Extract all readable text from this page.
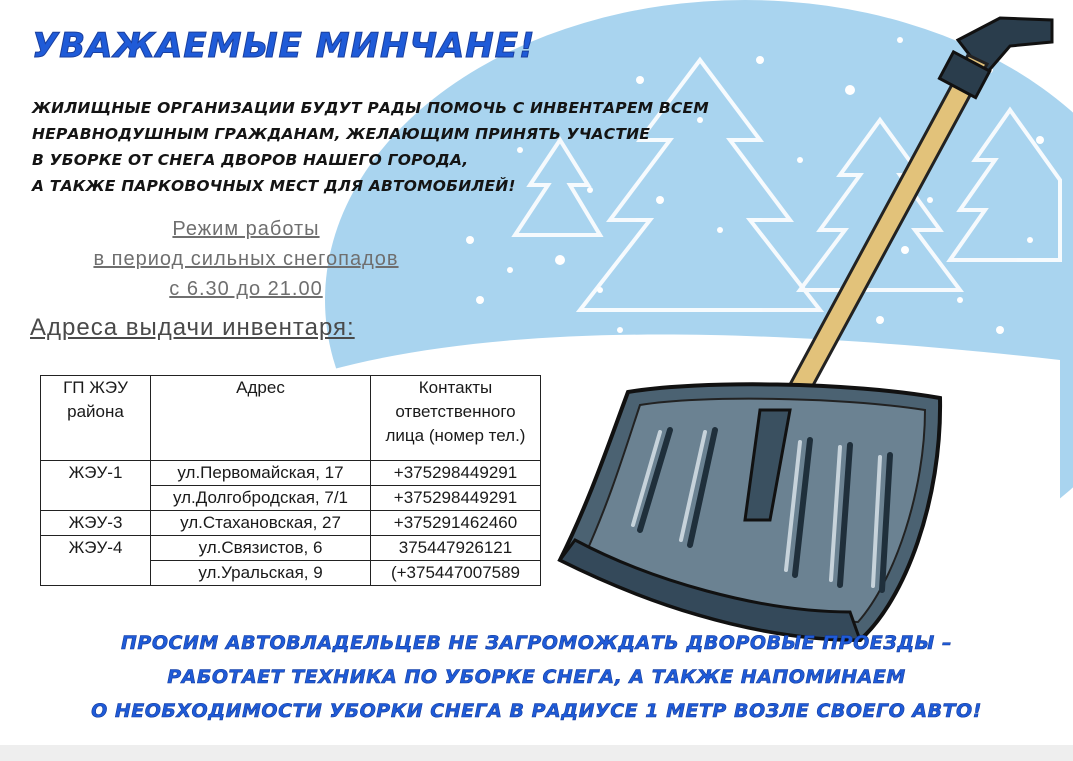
УВАЖАЕМЫЕ МИНЧАНЕ!
ЖИЛИЩНЫЕ ОРГАНИЗАЦИИ БУДУТ РАДЫ ПОМОЧЬ С ИНВЕНТАРЕМ ВСЕМ
НЕРАВНОДУШНЫМ ГРАЖДАНАМ, ЖЕЛАЮЩИМ ПРИНЯТЬ УЧАСТИЕ
В УБОРКЕ ОТ СНЕГА ДВОРОВ НАШЕГО ГОРОДА,
А ТАКЖЕ ПАРКОВОЧНЫХ МЕСТ ДЛЯ АВТОМОБИЛЕЙ!
Режим работы
в период сильных снегопадов
с 6.30 до 21.00
Адреса выдачи инвентаря:
ГП ЖЭУ района	Адрес	Контакты ответственного лица (номер тел.)
ЖЭУ-1	ул.Первомайская, 17	+375298449291
	ул.Долгобродская, 7/1	+375298449291
ЖЭУ-3	ул.Стахановская, 27	+375291462460
ЖЭУ-4	ул.Связистов, 6	375447926121
	ул.Уральская, 9	(+375447007589
ПРОСИМ АВТОВЛАДЕЛЬЦЕВ НЕ ЗАГРОМОЖДАТЬ ДВОРОВЫЕ ПРОЕЗДЫ –
РАБОТАЕТ ТЕХНИКА ПО УБОРКЕ СНЕГА, А ТАКЖЕ НАПОМИНАЕМ
О НЕОБХОДИМОСТИ УБОРКИ СНЕГА В РАДИУСЕ 1 МЕТР ВОЗЛЕ СВОЕГО АВТО!
